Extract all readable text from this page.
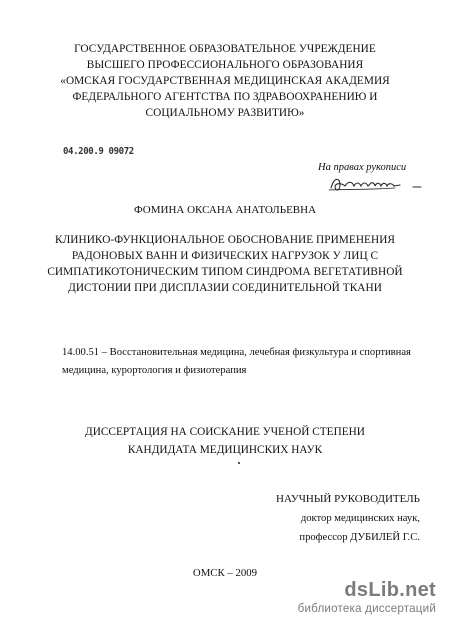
ГОСУДАРСТВЕННОЕ ОБРАЗОВАТЕЛЬНОЕ УЧРЕЖДЕНИЕ
ВЫСШЕГО ПРОФЕССИОНАЛЬНОГО ОБРАЗОВАНИЯ
«ОМСКАЯ ГОСУДАРСТВЕННАЯ МЕДИЦИНСКАЯ АКАДЕМИЯ
ФЕДЕРАЛЬНОГО АГЕНТСТВА ПО ЗДРАВООХРАНЕНИЮ И
СОЦИАЛЬНОМУ РАЗВИТИЮ»
04.200.9 09072
На правах рукописи
ФОМИНА ОКСАНА АНАТОЛЬЕВНА
КЛИНИКО-ФУНКЦИОНАЛЬНОЕ ОБОСНОВАНИЕ ПРИМЕНЕНИЯ
РАДОНОВЫХ ВАНН И ФИЗИЧЕСКИХ НАГРУЗОК У ЛИЦ С
СИМПАТИКОТОНИЧЕСКИМ ТИПОМ СИНДРОМА ВЕГЕТАТИВНОЙ
ДИСТОНИИ ПРИ ДИСПЛАЗИИ СОЕДИНИТЕЛЬНОЙ ТКАНИ
14.00.51 – Восстановительная медицина, лечебная физкультура и спортивная
медицина, курортология и физиотерапия
ДИССЕРТАЦИЯ НА СОИСКАНИЕ УЧЕНОЙ СТЕПЕНИ
КАНДИДАТА МЕДИЦИНСКИХ НАУК
НАУЧНЫЙ РУКОВОДИТЕЛЬ
доктор медицинских наук,
профессор ДУБИЛЕЙ Г.С.
ОМСК – 2009
dsLib.net
библиотека диссертаций
